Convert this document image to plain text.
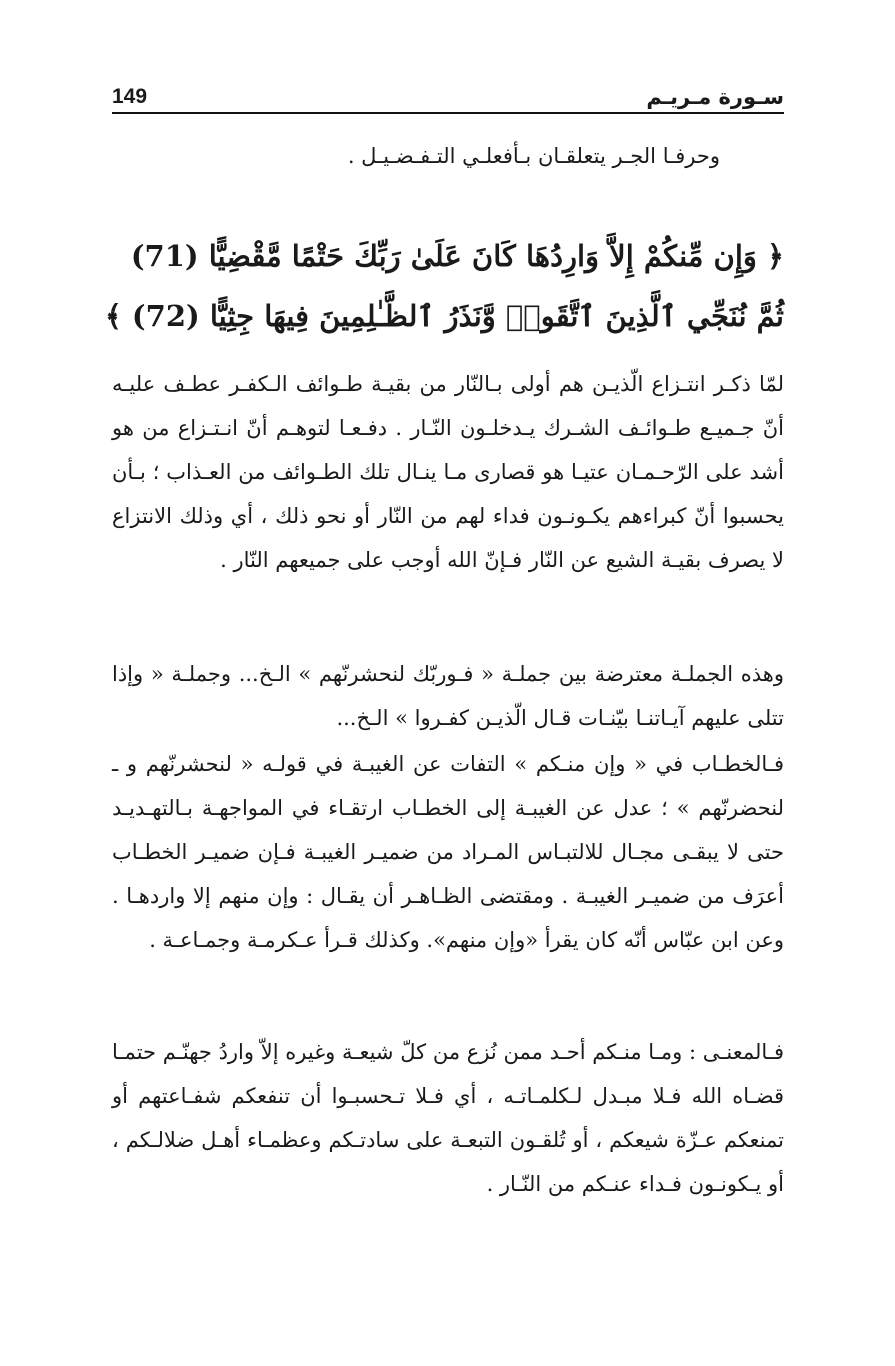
149	سـورة مـريـم

وحرفـا الجـر يتعلقـان بـأفعلـي التـفـضـيـل .

﴿ وَإِن مِّنكُمْ إِلاَّ وَارِدُهَا كَانَ عَلَىٰ رَبِّكَ حَتْمًا مَّقْضِيًّا (71)
ثُمَّ نُنَجِّي ٱلَّذِينَ ٱتَّقَوا۟ وَّنَذَرُ ٱلظَّـٰلِمِينَ فِيهَا جِثِيًّا (72) ﴾

لمّا ذكـر انتـزاع الّذيـن هم أولى بـالنّار من بقيـة طـوائف الـكفـر عطـف عليـه أنّ جـميـع طـوائـف الشـرك يـدخلـون النّـار . دفـعـا لتوهـم أنّ انـتـزاع من هو أشد على الرّحـمـان عتيـا هو قصارى مـا ينـال تلك الطـوائف من العـذاب ؛ بـأن يحسبوا أنّ كبراءهم يكـونـون فداء لهم من النّار أو نحو ذلك ، أي وذلك الانتزاع لا يصرف بقيـة الشيع عن النّار فـإنّ الله أوجب على جميعهم النّار .

وهذه الجملـة معترضة بين جملـة « فـوربّك لنحشرنّهم » الـخ... وجملـة « وإذا تتلى عليهم آيـاتنـا بيّنـات قـال الّذيـن كفـروا » الـخ...

فـالخطـاب في « وإن منـكم » التفات عن الغيبـة في قولـه « لنحشرنّهم و ـ لنحضرنّهم » ؛ عدل عن الغيبـة إلى الخطـاب ارتقـاء في المواجهـة بـالتهـديـد حتى لا يبقـى مجـال للالتبـاس المـراد من ضميـر الغيبـة فـإن ضميـر الخطـاب أعرَف من ضميـر الغيبـة . ومقتضى الظـاهـر أن يقـال : وإن منهم إلا واردهـا . وعن ابن عبّاس أنّه كان يقرأ «وإن منهم». وكذلك قـرأ عـكرمـة وجمـاعـة .

فـالمعنـى : ومـا منـكم أحـد ممن نُزع من كلّ شيعـة وغيره إلاّ واردُ جهنّـم حتمـا قضـاه الله فـلا مبـدل لـكلمـاتـه ، أي فـلا تـحسبـوا أن تنفعكم شفـاعتهم أو تمنعكم عـزّة شيعكم ، أو تُلقـون التبعـة على سادتـكم وعظمـاء أهـل ضلالـكم ، أو يـكونـون فـداء عنـكم من النّـار .
